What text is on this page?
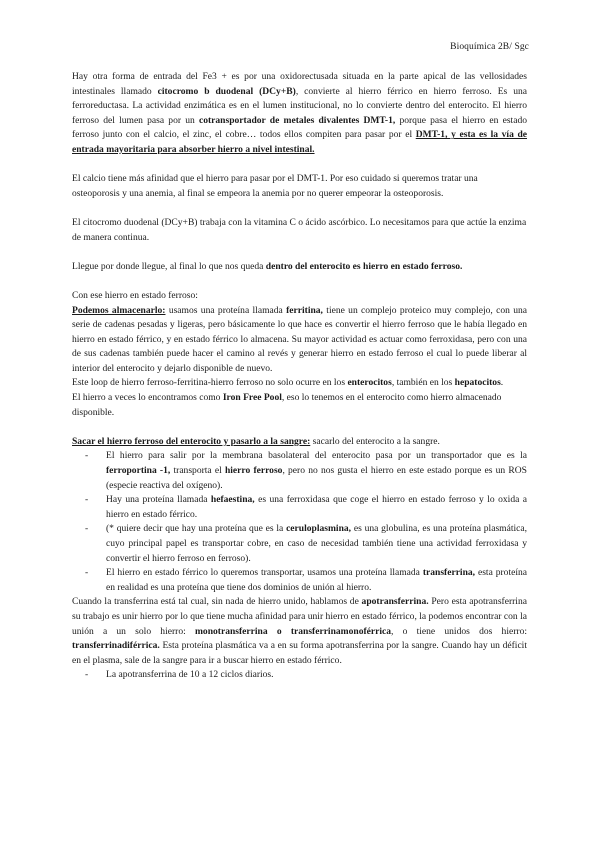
Bioquímica 2B/ Sgc

Hay otra forma de entrada del Fe3 + es por una oxidorectusada situada en la parte apical de las vellosidades intestinales llamado citocromo b duodenal (DCy+B), convierte al hierro férrico en hierro ferroso. Es una ferroreductasa. La actividad enzimática es en el lumen institucional, no lo convierte dentro del enterocito. El hierro ferroso del lumen pasa por un cotransportador de metales divalentes DMT-1, porque pasa el hierro en estado ferroso junto con el calcio, el zinc, el cobre… todos ellos compiten para pasar por el DMT-1, y esta es la vía de entrada mayoritaria para absorber hierro a nivel intestinal.

El calcio tiene más afinidad que el hierro para pasar por el DMT-1. Por eso cuidado si queremos tratar una osteoporosis y una anemia, al final se empeora la anemia por no querer empeorar la osteoporosis.

El citocromo duodenal (DCy+B) trabaja con la vitamina C o ácido ascórbico. Lo necesitamos para que actúe la enzima de manera continua.

Llegue por donde llegue, al final lo que nos queda dentro del enterocito es hierro en estado ferroso.

Con ese hierro en estado ferroso:

Podemos almacenarlo: usamos una proteína llamada ferritina, tiene un complejo proteico muy complejo, con una serie de cadenas pesadas y ligeras, pero básicamente lo que hace es convertir el hierro ferroso que le había llegado en hierro en estado férrico, y en estado férrico lo almacena. Su mayor actividad es actuar como ferroxidasa, pero con una de sus cadenas también puede hacer el camino al revés y generar hierro en estado ferroso el cual lo puede liberar al interior del enterocito y dejarlo disponible de nuevo.

Este loop de hierro ferroso-ferritina-hierro ferroso no solo ocurre en los enterocitos, también en los hepatocitos.

El hierro a veces lo encontramos como Iron Free Pool, eso lo tenemos en el enterocito como hierro almacenado disponible.

Sacar el hierro ferroso del enterocito y pasarlo a la sangre: sacarlo del enterocito a la sangre.

- El hierro para salir por la membrana basolateral del enterocito pasa por un transportador que es la ferroportina -1, transporta el hierro ferroso, pero no nos gusta el hierro en este estado porque es un ROS (especie reactiva del oxígeno).
- Hay una proteína llamada hefaestina, es una ferroxidasa que coge el hierro en estado ferroso y lo oxida a hierro en estado férrico.
- (* quiere decir que hay una proteína que es la ceruloplasmina, es una globulina, es una proteína plasmática, cuyo principal papel es transportar cobre, en caso de necesidad también tiene una actividad ferroxidasa y convertir el hierro ferroso en ferroso).
- El hierro en estado férrico lo queremos transportar, usamos una proteína llamada transferrina, esta proteína en realidad es una proteína que tiene dos dominios de unión al hierro.

Cuando la transferrina está tal cual, sin nada de hierro unido, hablamos de apotransferrina. Pero esta apotransferrina su trabajo es unir hierro por lo que tiene mucha afinidad para unir hierro en estado férrico, la podemos encontrar con la unión a un solo hierro: monotransferrina o transferrinamonoférrica, o tiene unidos dos hierro: transferrinadiférrica. Esta proteína plasmática va a en su forma apotransferrina por la sangre. Cuando hay un déficit en el plasma, sale de la sangre para ir a buscar hierro en estado férrico.

- La apotransferrina de 10 a 12 ciclos diarios.
